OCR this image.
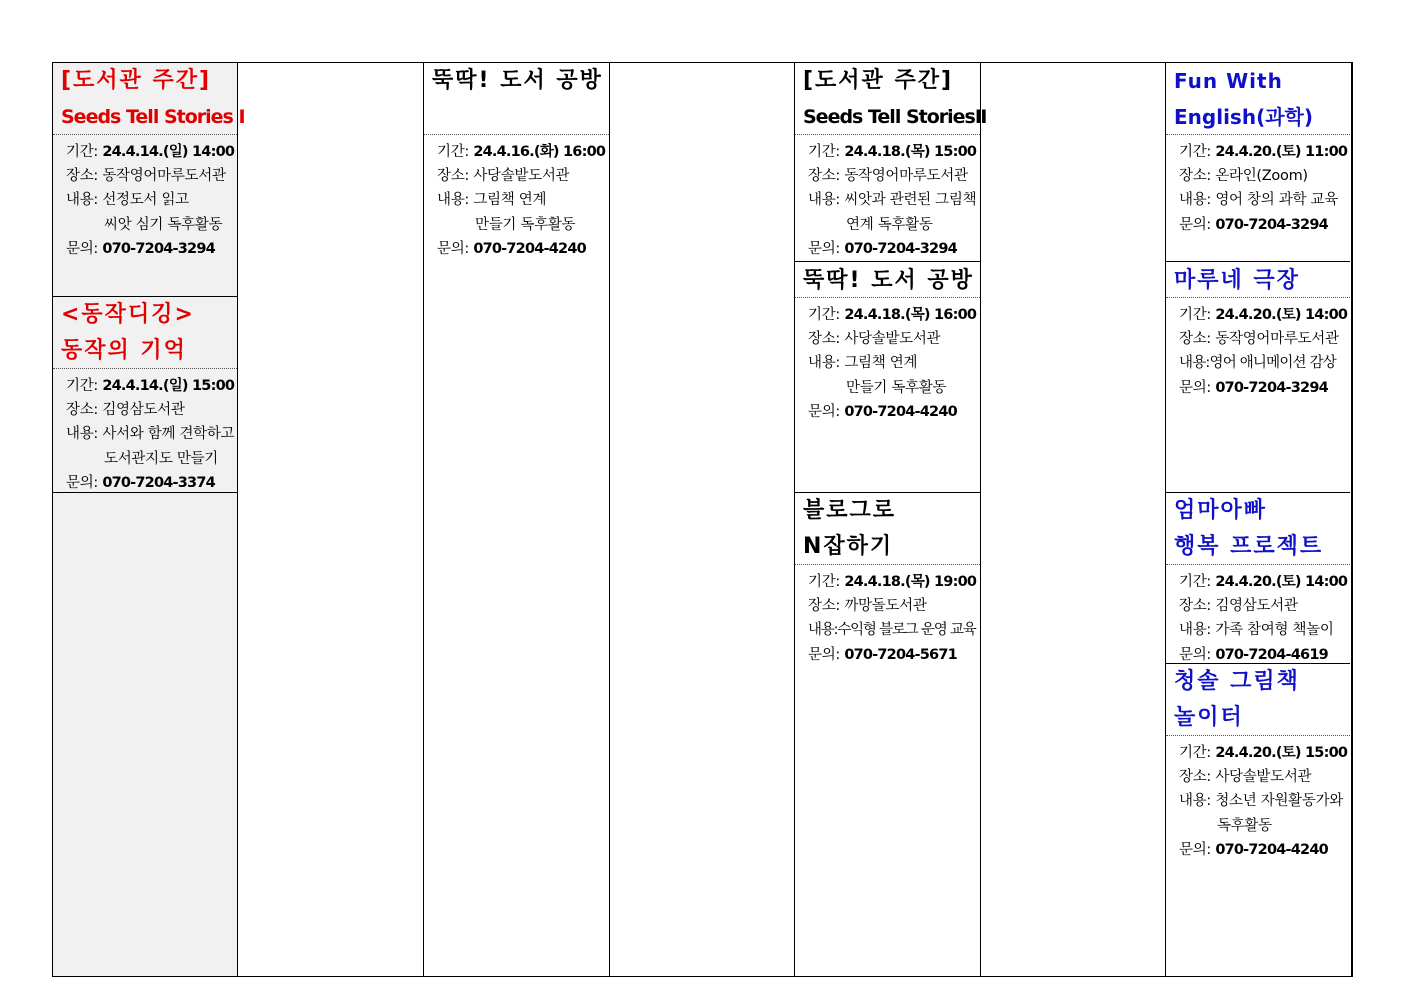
[도서관 주간]
Seeds Tell Stories Ⅰ
기간: 24.4.14.(일) 14:00
장소: 동작영어마루도서관
내용: 선정도서 읽고
씨앗 심기 독후활동
문의: 070-7204-3294
<동작디깅>
동작의 기억
기간: 24.4.14.(일) 15:00
장소: 김영삼도서관
내용: 사서와 함께 견학하고
도서관지도 만들기
문의: 070-7204-3374
뚝딱! 도서 공방
기간: 24.4.16.(화) 16:00
장소: 사당솔밭도서관
내용: 그림책 연계
만들기 독후활동
문의: 070-7204-4240
[도서관 주간]
Seeds Tell StoriesⅡ
기간: 24.4.18.(목) 15:00
장소: 동작영어마루도서관
내용: 씨앗과 관련된 그림책
연계 독후활동
문의: 070-7204-3294
뚝딱! 도서 공방
기간: 24.4.18.(목) 16:00
장소: 사당솔밭도서관
내용: 그림책 연계
만들기 독후활동
문의: 070-7204-4240
블로그로
N잡하기
기간: 24.4.18.(목) 19:00
장소: 까망돌도서관
내용:수익형 블로그 운영 교육
문의: 070-7204-5671
Fun With
English(과학)
기간: 24.4.20.(토) 11:00
장소: 온라인(Zoom)
내용: 영어 창의 과학 교육
문의: 070-7204-3294
마루네 극장
기간: 24.4.20.(토) 14:00
장소: 동작영어마루도서관
내용:영어 애니메이션 감상
문의: 070-7204-3294
엄마아빠
행복 프로젝트
기간: 24.4.20.(토) 14:00
장소: 김영삼도서관
내용: 가족 참여형 책놀이
문의: 070-7204-4619
청솔 그림책
놀이터
기간: 24.4.20.(토) 15:00
장소: 사당솔밭도서관
내용: 청소년 자원활동가와
독후활동
문의: 070-7204-4240
